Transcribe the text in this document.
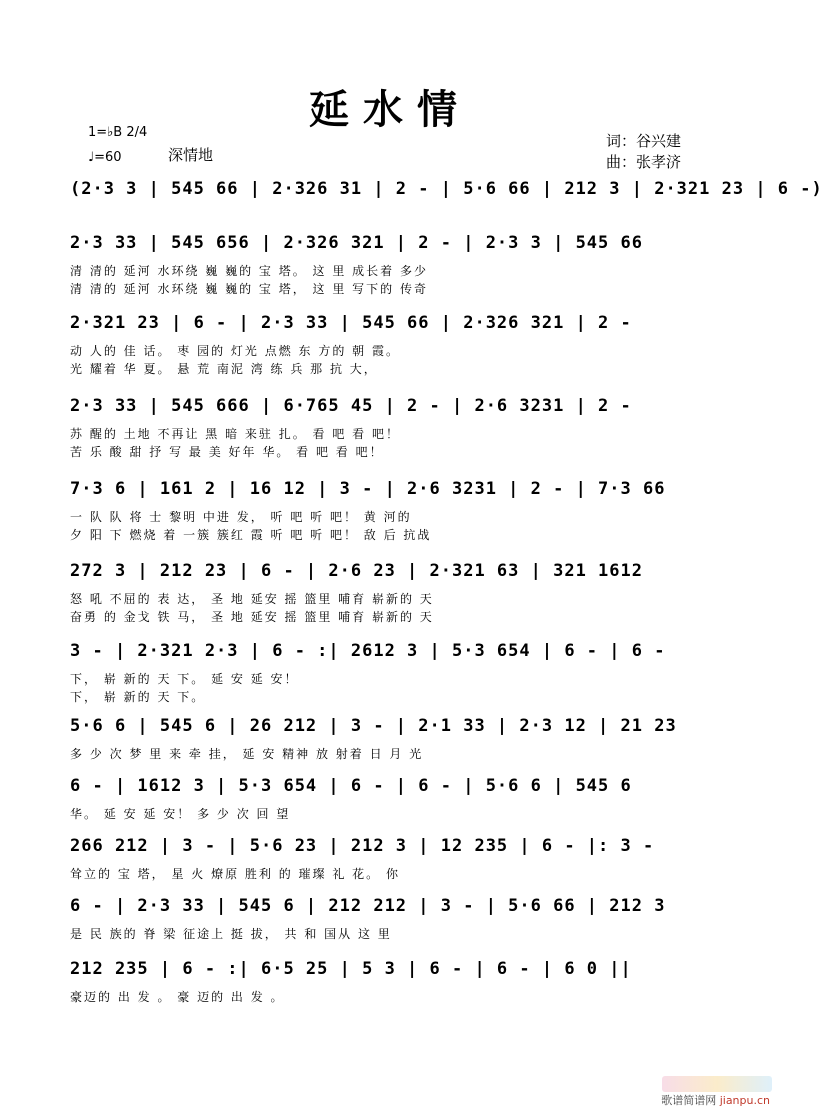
延水情
1=♭B 2/4
♩=60	深情地
词：谷兴建
曲：张孝济
(2·3 3 | 545 66 | 2·326 31 | 2 - | 5·6 66 | 212 3 | 2·321 23 | 6 -)
2·3 33 | 545 656 | 2·326 321 | 2 - | 2·3 3 | 545 66
清 清的 延河 水环绕 巍 巍的 宝 塔。 这 里 成长着 多少
清 清的 延河 水环绕 巍 巍的 宝 塔， 这 里 写下的 传奇
2·321 23 | 6 - | 2·3 33 | 545 66 | 2·326 321 | 2 -
动 人的 佳 话。 枣 园的 灯光 点燃 东 方的 朝 霞。
光 耀着 华 夏。 悬 荒 南泥 湾 练 兵 那 抗 大，
2·3 33 | 545 666 | 6·765 45 | 2 - | 2·6 3231 | 2 -
苏 醒的 土地 不再让 黑 暗 来驻 扎。 看 吧 看 吧！
苦 乐 酸 甜 抒 写 最 美 好年 华。 看 吧 看 吧！
7·3 6 | 161 2 | 16 12 | 3 - | 2·6 3231 | 2 - | 7·3 66
一 队 队 将 士 黎明 中进 发， 听 吧 听 吧！ 黄 河的
夕 阳 下 燃烧 着 一簇 簇红 霞 听 吧 听 吧！ 敌 后 抗战
272 3 | 212 23 | 6 - | 2·6 23 | 2·321 63 | 321 1612
怒 吼 不屈的 表 达， 圣 地 延安 摇 篮里 哺育 崭新的 天
奋勇 的 金戈 铁 马， 圣 地 延安 摇 篮里 哺育 崭新的 天
3 - | 2·321 2·3 | 6 - :| 2612 3 | 5·3 654 | 6 - | 6 -
下， 崭 新的 天 下。 延 安 延 安！
下， 崭 新的 天 下。
5·6 6 | 545 6 | 26 212 | 3 - | 2·1 33 | 2·3 12 | 21 23
多 少 次 梦 里 来 牵 挂， 延 安 精神 放 射着 日 月 光
6 - | 1612 3 | 5·3 654 | 6 - | 6 - | 5·6 6 | 545 6
华。 延 安 延 安！ 多 少 次 回 望
266 212 | 3 - | 5·6 23 | 212 3 | 12 235 | 6 - |: 3 -
耸立的 宝 塔， 星 火 燎原 胜利 的 璀璨 礼 花。 你
6 - | 2·3 33 | 545 6 | 212 212 | 3 - | 5·6 66 | 212 3
是 民 族的 脊 梁 征途上 挺 拔， 共 和 国从 这 里
212 235 | 6 - :| 6·5 25 | 5 3 | 6 - | 6 - | 6 0 ||
豪迈的 出 发 。 豪 迈的 出 发 。
歌谱简谱网 jianpu.cn
